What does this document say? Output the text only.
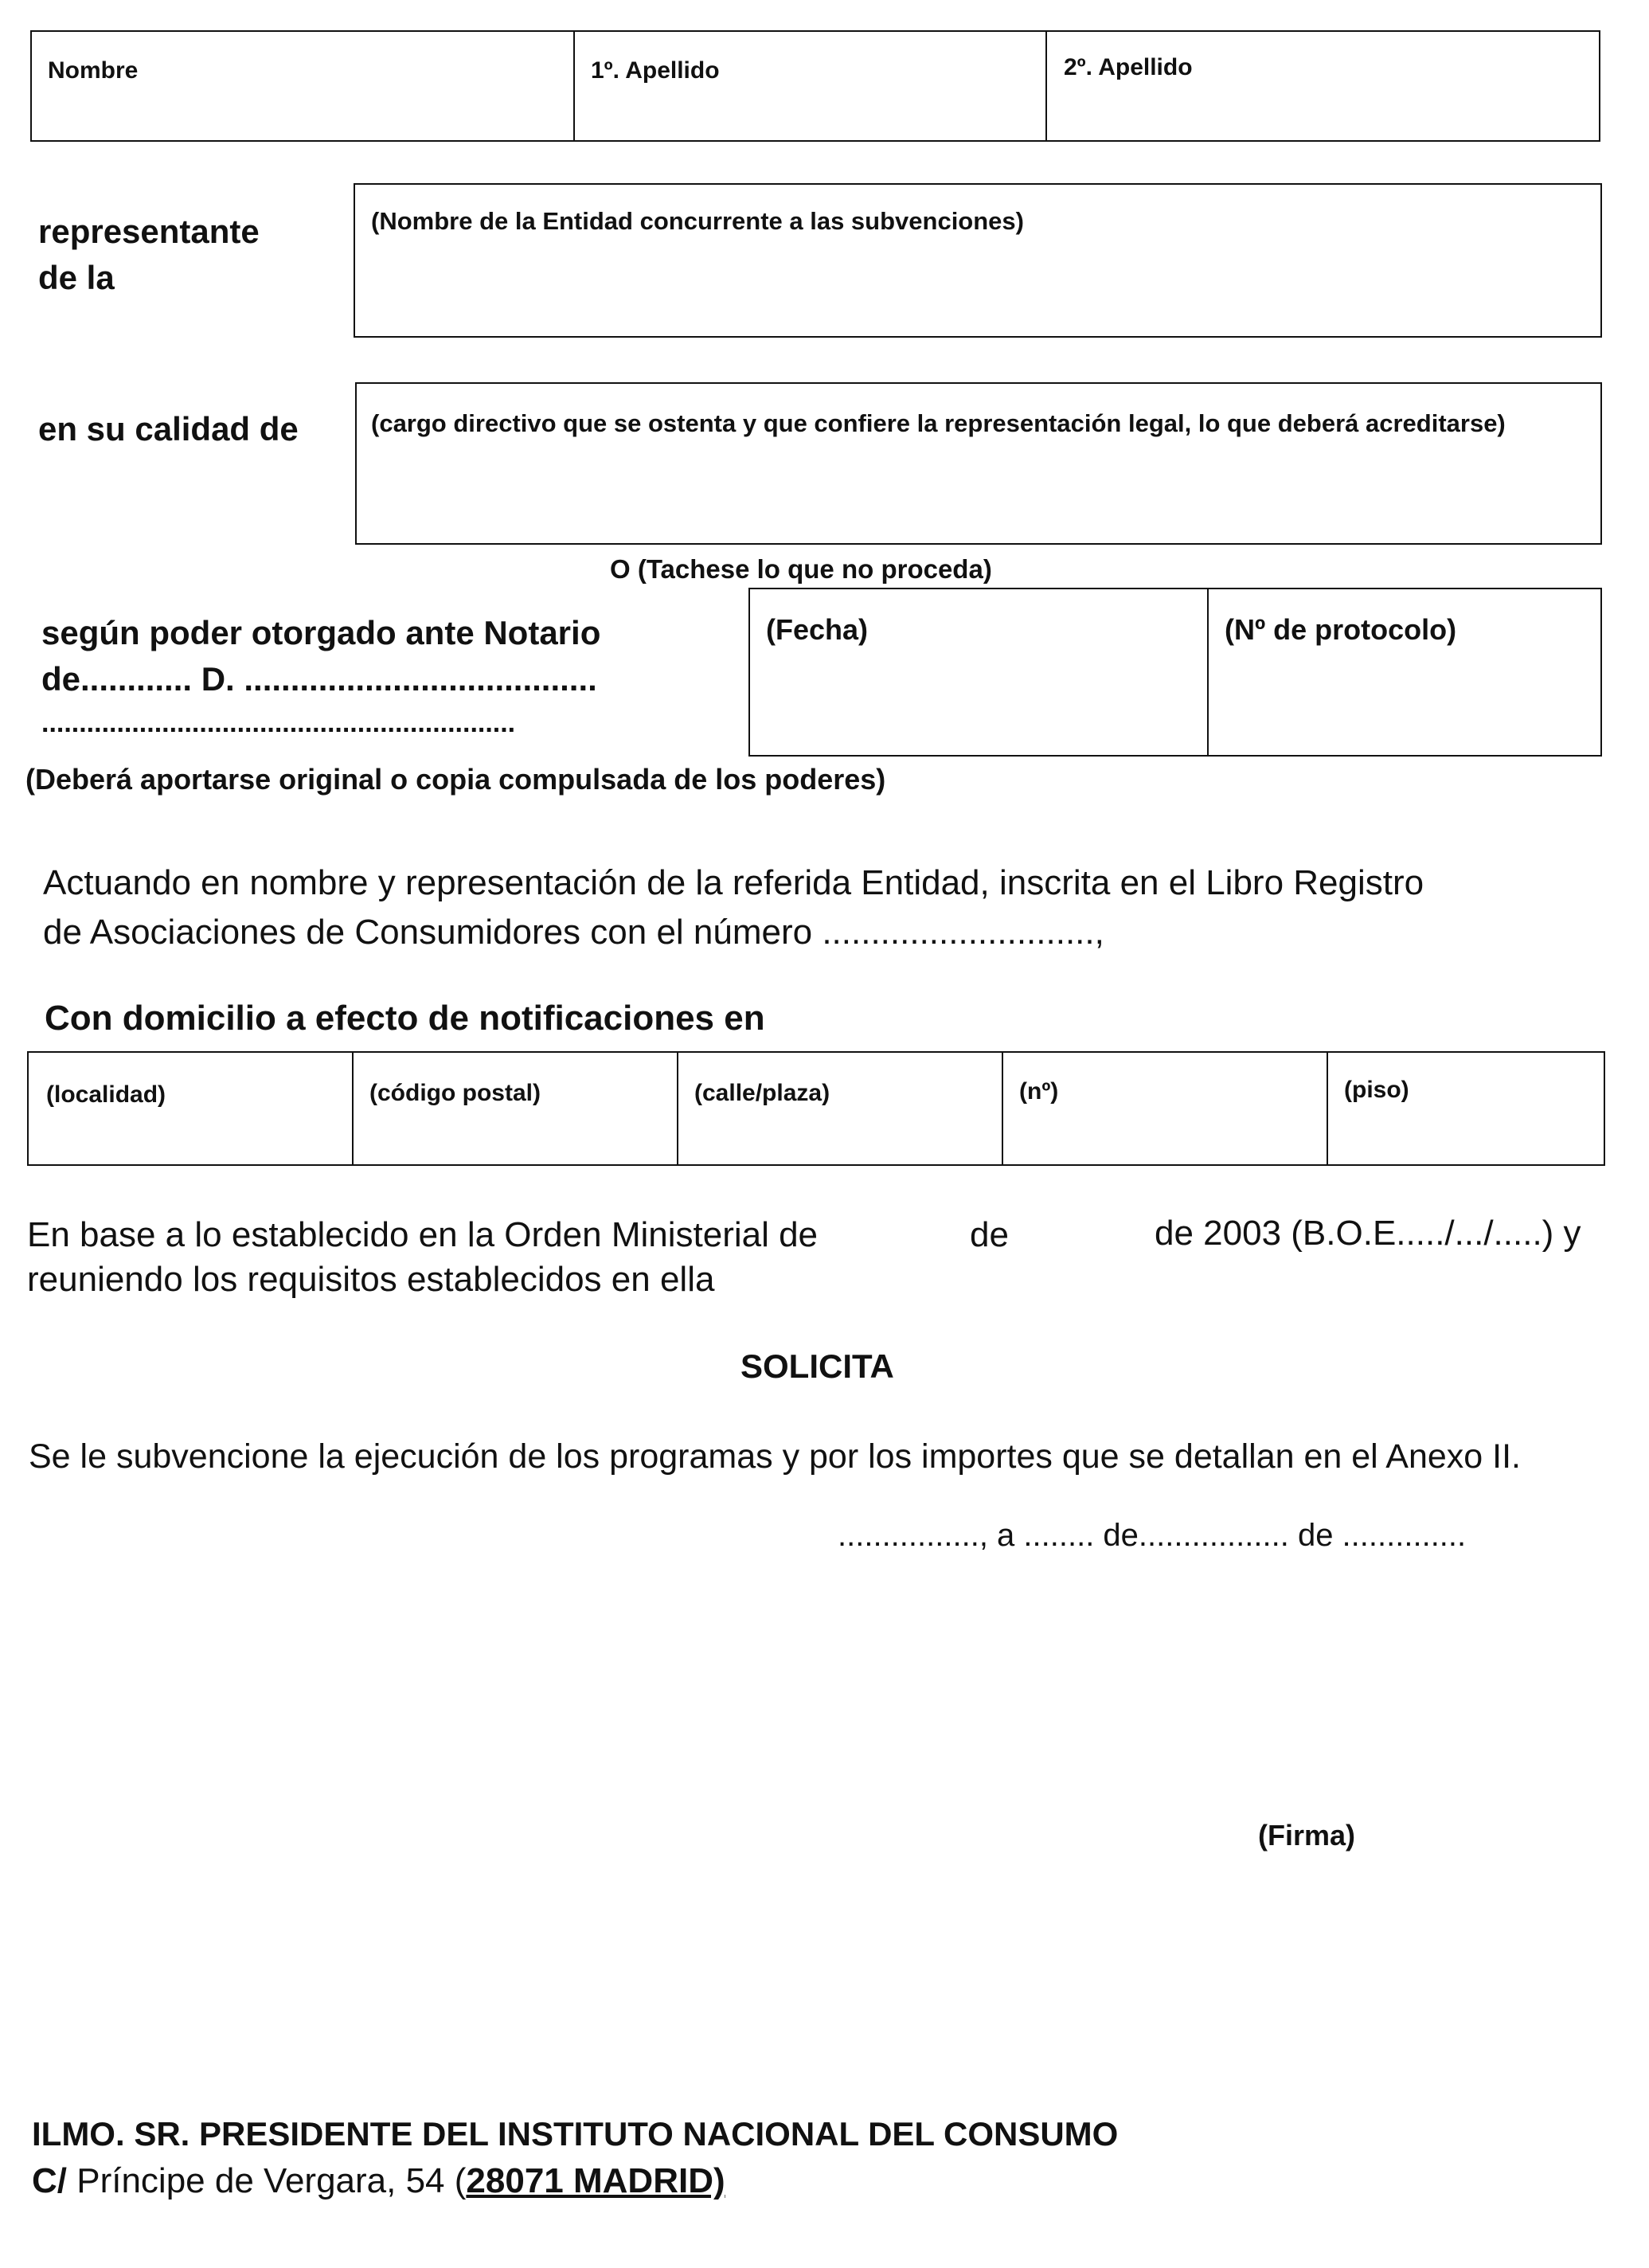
Nombre	1º. Apellido	2º. Apellido
representante
de la
(Nombre de la Entidad concurrente a las subvenciones)
en su calidad de	(cargo directivo que se ostenta y que confiere la representación legal, lo que deberá acreditarse)
O (Tachese lo que no proceda)
según poder otorgado ante Notario
de............ D. ......................................
...............................................................
(Fecha)	(Nº de protocolo)
(Deberá aportarse original o copia compulsada de los poderes)
Actuando en nombre y representación de la referida Entidad, inscrita en el Libro Registro
de Asociaciones de Consumidores con el número ............................,
Con domicilio a efecto de notificaciones en
(localidad)	(código postal)	(calle/plaza)	(nº)	(piso)
En base a lo establecido en la Orden Ministerial de	de	de 2003 (B.O.E...../.../.....) y
reuniendo los requisitos establecidos en ella
SOLICITA
Se le subvencione la ejecución de los programas y por los importes que se detallan en el Anexo II.
................, a ........ de................. de ..............
(Firma)
ILMO. SR. PRESIDENTE DEL INSTITUTO NACIONAL DEL CONSUMO
C/ Príncipe de Vergara, 54 (28071 MADRID)
